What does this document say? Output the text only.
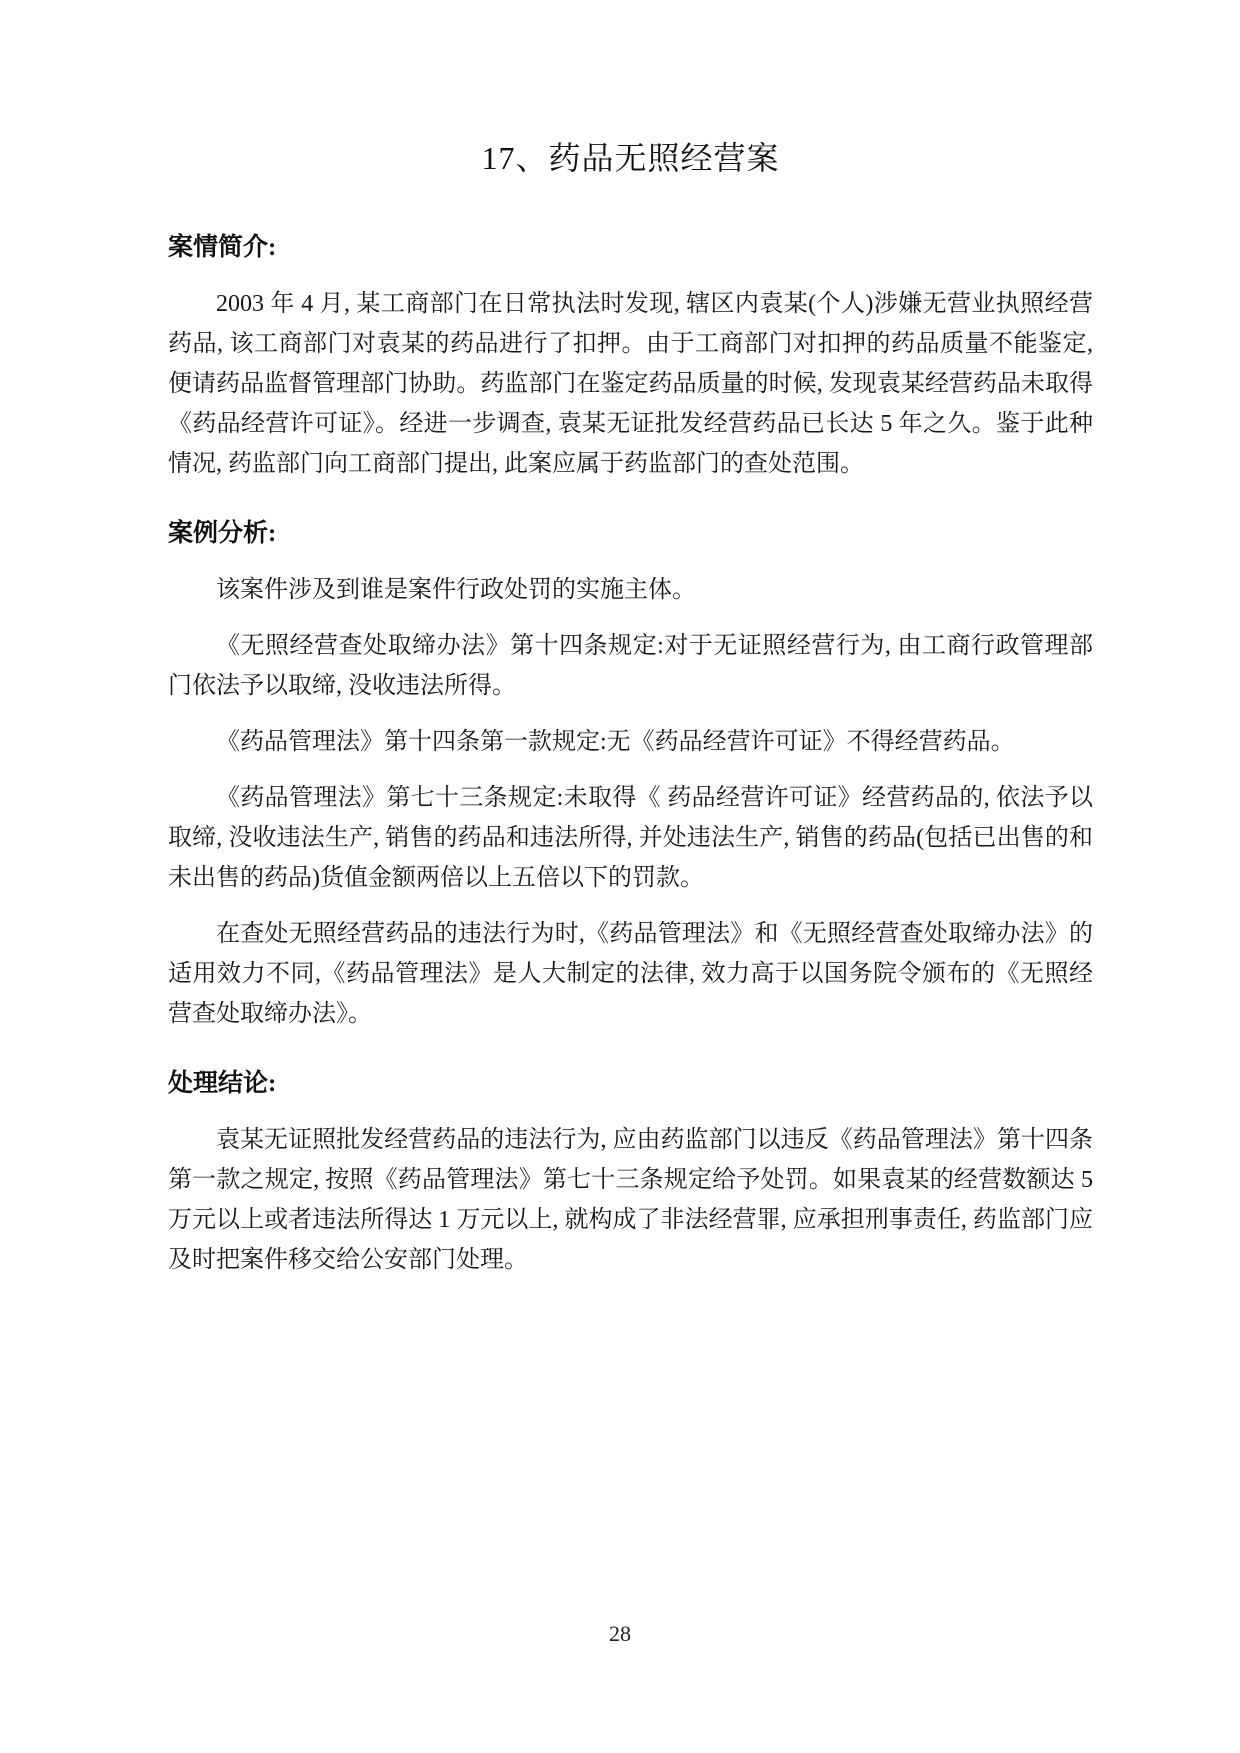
17、药品无照经营案
案情简介:

2003 年 4 月, 某工商部门在日常执法时发现, 辖区内袁某(个人)涉嫌无营业执照经营药品, 该工商部门对袁某的药品进行了扣押。由于工商部门对扣押的药品质量不能鉴定, 便请药品监督管理部门协助。药监部门在鉴定药品质量的时候, 发现袁某经营药品未取得《药品经营许可证》。经进一步调查, 袁某无证批发经营药品已长达 5 年之久。鉴于此种情况, 药监部门向工商部门提出, 此案应属于药监部门的查处范围。

案例分析:

该案件涉及到谁是案件行政处罚的实施主体。

《无照经营查处取缔办法》第十四条规定:对于无证照经营行为, 由工商行政管理部门依法予以取缔, 没收违法所得。

《药品管理法》第十四条第一款规定:无《药品经营许可证》不得经营药品。

《药品管理法》第七十三条规定:未取得《 药品经营许可证》经营药品的, 依法予以取缔, 没收违法生产, 销售的药品和违法所得, 并处违法生产, 销售的药品(包括已出售的和未出售的药品)货值金额两倍以上五倍以下的罚款。

在查处无照经营药品的违法行为时,《药品管理法》和《无照经营查处取缔办法》的适用效力不同,《药品管理法》是人大制定的法律, 效力高于以国务院令颁布的《无照经营查处取缔办法》。

处理结论:

袁某无证照批发经营药品的违法行为, 应由药监部门以违反《药品管理法》第十四条第一款之规定, 按照《药品管理法》第七十三条规定给予处罚。如果袁某的经营数额达 5 万元以上或者违法所得达 1 万元以上, 就构成了非法经营罪, 应承担刑事责任, 药监部门应及时把案件移交给公安部门处理。

28
